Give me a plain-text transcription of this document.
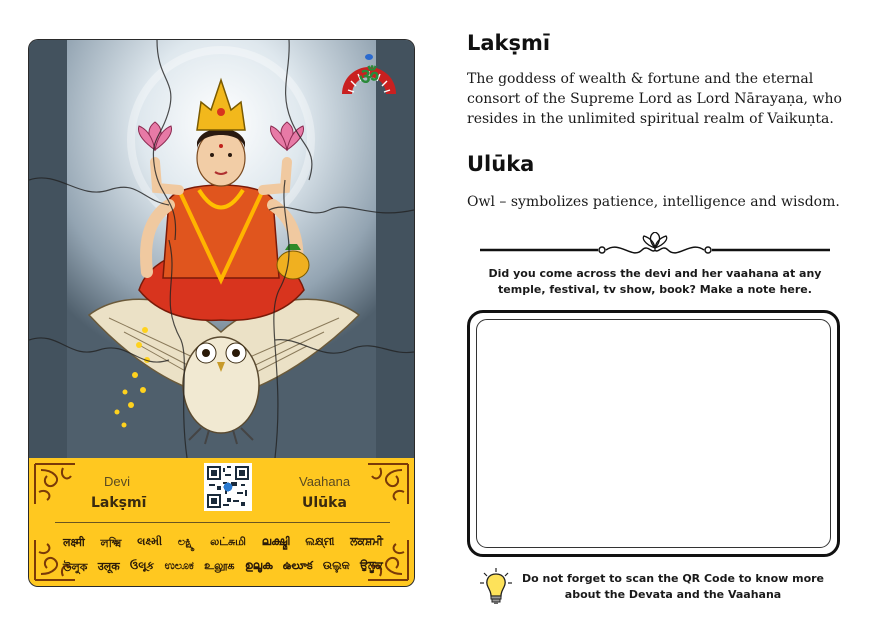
ॐ
Devi
Lakṣmī
Vaahana
Ulūka
लक्ष्मी লক্ষ্মি લક્ષ્મી ಲಕ್ಷ್ಮಿ லட்சுமி ലക്ഷ്മി ଲକ୍ଷ୍ମୀ ਲਕਸ਼ਮੀ
উলুক उलूक ઉલૂક ಉಲೂಕ உலூக ഉലൂക ఉలూక ଉଲୁକ ਉਲੂਕ
Lakṣmī

The goddess of wealth & fortune and the eternal consort of the Supreme Lord as Lord Nārayaṇa, who resides in the unlimited spiritual realm of Vaikuṇta.

Ulūka

Owl – symbolizes patience, intelligence and wisdom.

Did you come across the devi and her vaahana at any temple, festival, tv show, book? Make a note here.

Do not forget to scan the QR Code to know more about the Devata and the Vaahana
